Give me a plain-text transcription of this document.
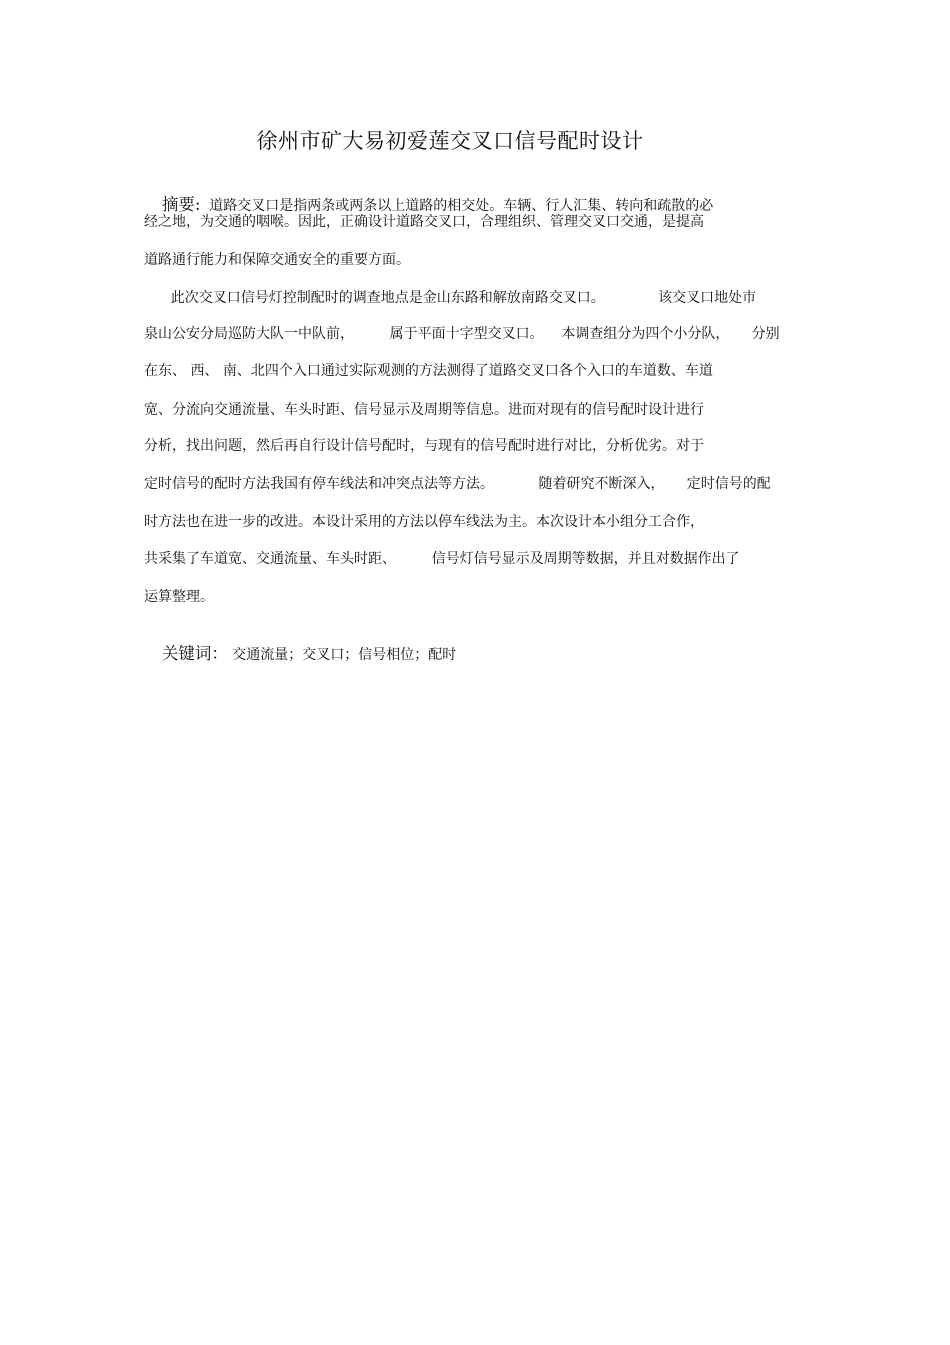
徐州市矿大易初爱莲交叉口信号配时设计

摘要:  道路交叉口是指两条或两条以上道路的相交处。车辆、行人汇集、转向和疏散的必

经之地，为交通的咽喉。因此，正确设计道路交叉口，合理组织、管理交叉口交通，是提高
道路通行能力和保障交通安全的重要方面。
此次交叉口信号灯控制配时的调查地点是金山东路和解放南路交叉口。            该交叉口地处市
泉山公安分局巡防大队一中队前，        属于平面十字型交叉口。    本调查组分为四个小分队，     分别
在东、 西、 南、北四个入口通过实际观测的方法测得了道路交叉口各个入口的车道数、车道
宽、分流向交通流量、车头时距、信号显示及周期等信息。进而对现有的信号配时设计进行
分析，找出问题，然后再自行设计信号配时，与现有的信号配时进行对比，分析优劣。对于
定时信号的配时方法我国有停车线法和冲突点法等方法。          随着研究不断深入，     定时信号的配
时方法也在进一步的改进。本设计采用的方法以停车线法为主。本次设计本小组分工合作，
共采集了车道宽、交通流量、车头时距、        信号灯信号显示及周期等数据，并且对数据作出了
运算整理。

关键词： 交通流量；交叉口；信号相位；配时
